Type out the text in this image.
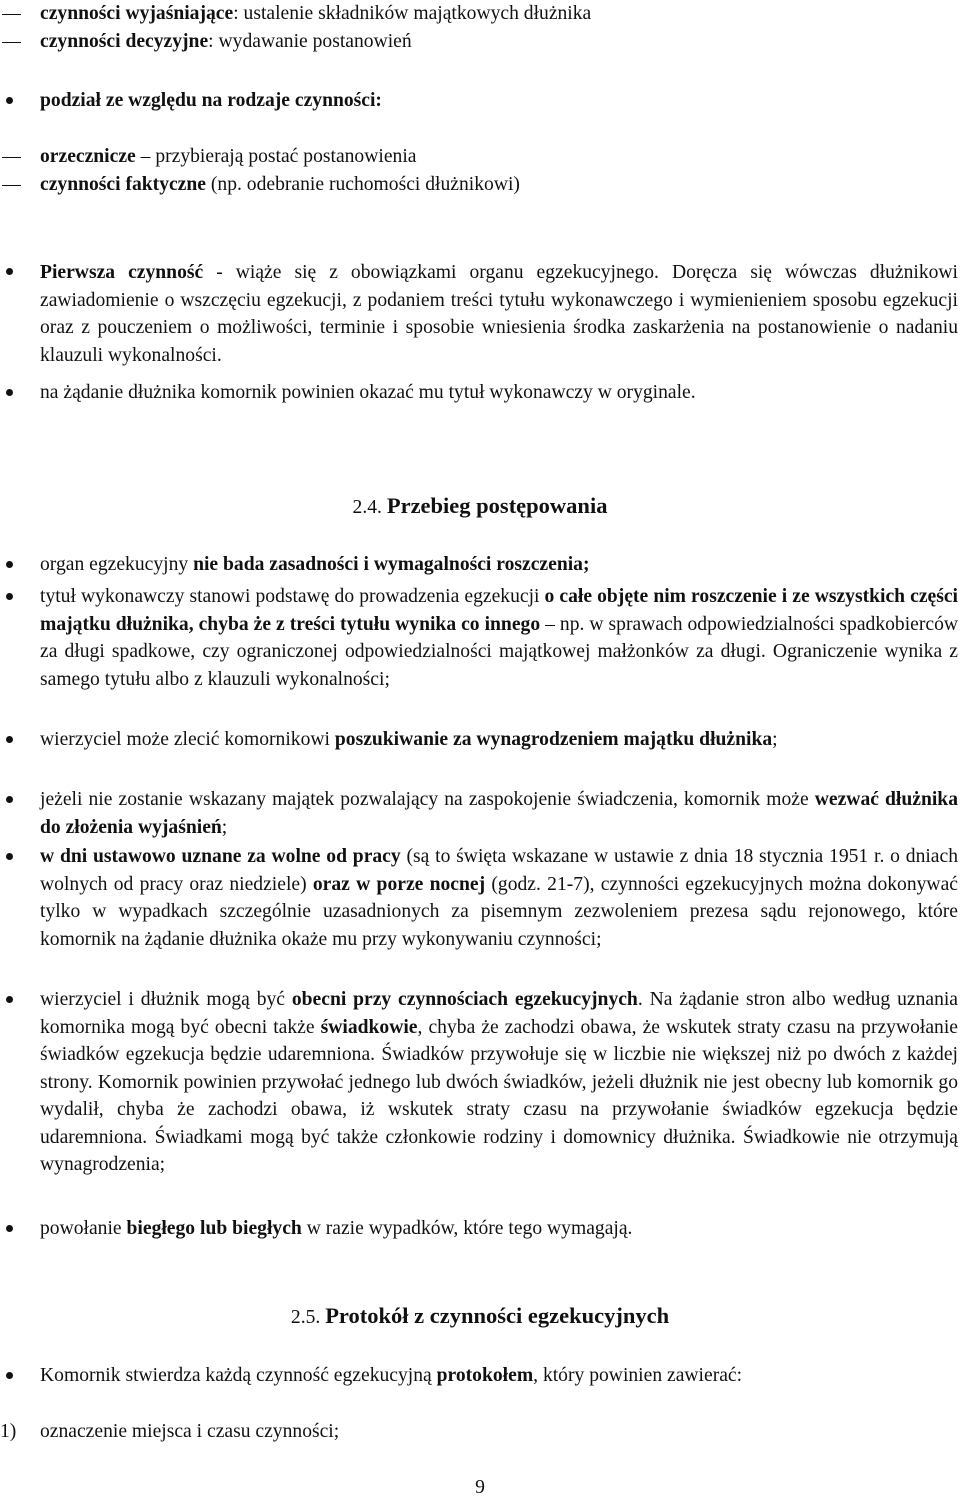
czynności wyjaśniające: ustalenie składników majątkowych dłużnika
czynności decyzyjne: wydawanie postanowień
podział ze względu na rodzaje czynności:
orzecznicze – przybierają postać postanowienia
czynności faktyczne (np. odebranie ruchomości dłużnikowi)
Pierwsza czynność - wiąże się z obowiązkami organu egzekucyjnego. Doręcza się wówczas dłużnikowi zawiadomienie o wszczęciu egzekucji, z podaniem treści tytułu wykonawczego i wymienieniem sposobu egzekucji oraz z pouczeniem o możliwości, terminie i sposobie wniesienia środka zaskarżenia na postanowienie o nadaniu klauzuli wykonalności.
na żądanie dłużnika komornik powinien okazać mu tytuł wykonawczy w oryginale.
2.4. Przebieg postępowania
organ egzekucyjny nie bada zasadności i wymagalności roszczenia;
tytuł wykonawczy stanowi podstawę do prowadzenia egzekucji o całe objęte nim roszczenie i ze wszystkich części majątku dłużnika, chyba że z treści tytułu wynika co innego – np. w sprawach odpowiedzialności spadkobierców za długi spadkowe, czy ograniczonej odpowiedzialności majątkowej małżonków za długi. Ograniczenie wynika z samego tytułu albo z klauzuli wykonalności;
wierzyciel może zlecić komornikowi poszukiwanie za wynagrodzeniem majątku dłużnika;
jeżeli nie zostanie wskazany majątek pozwalający na zaspokojenie świadczenia, komornik może wezwać dłużnika do złożenia wyjaśnień;
w dni ustawowo uznane za wolne od pracy (są to święta wskazane w ustawie z dnia 18 stycznia 1951 r. o dniach wolnych od pracy oraz niedziele) oraz w porze nocnej (godz. 21-7), czynności egzekucyjnych można dokonywać tylko w wypadkach szczególnie uzasadnionych za pisemnym zezwoleniem prezesa sądu rejonowego, które komornik na żądanie dłużnika okaże mu przy wykonywaniu czynności;
wierzyciel i dłużnik mogą być obecni przy czynnościach egzekucyjnych. Na żądanie stron albo według uznania komornika mogą być obecni także świadkowie, chyba że zachodzi obawa, że wskutek straty czasu na przywołanie świadków egzekucja będzie udaremniona. Świadków przywołuje się w liczbie nie większej niż po dwóch z każdej strony. Komornik powinien przywołać jednego lub dwóch świadków, jeżeli dłużnik nie jest obecny lub komornik go wydalił, chyba że zachodzi obawa, iż wskutek straty czasu na przywołanie świadków egzekucja będzie udaremniona. Świadkami mogą być także członkowie rodziny i domownicy dłużnika. Świadkowie nie otrzymują wynagrodzenia;
powołanie biegłego lub biegłych w razie wypadków, które tego wymagają.
2.5. Protokół z czynności egzekucyjnych
Komornik stwierdza każdą czynność egzekucyjną protokołem, który powinien zawierać:
1) oznaczenie miejsca i czasu czynności;
9
